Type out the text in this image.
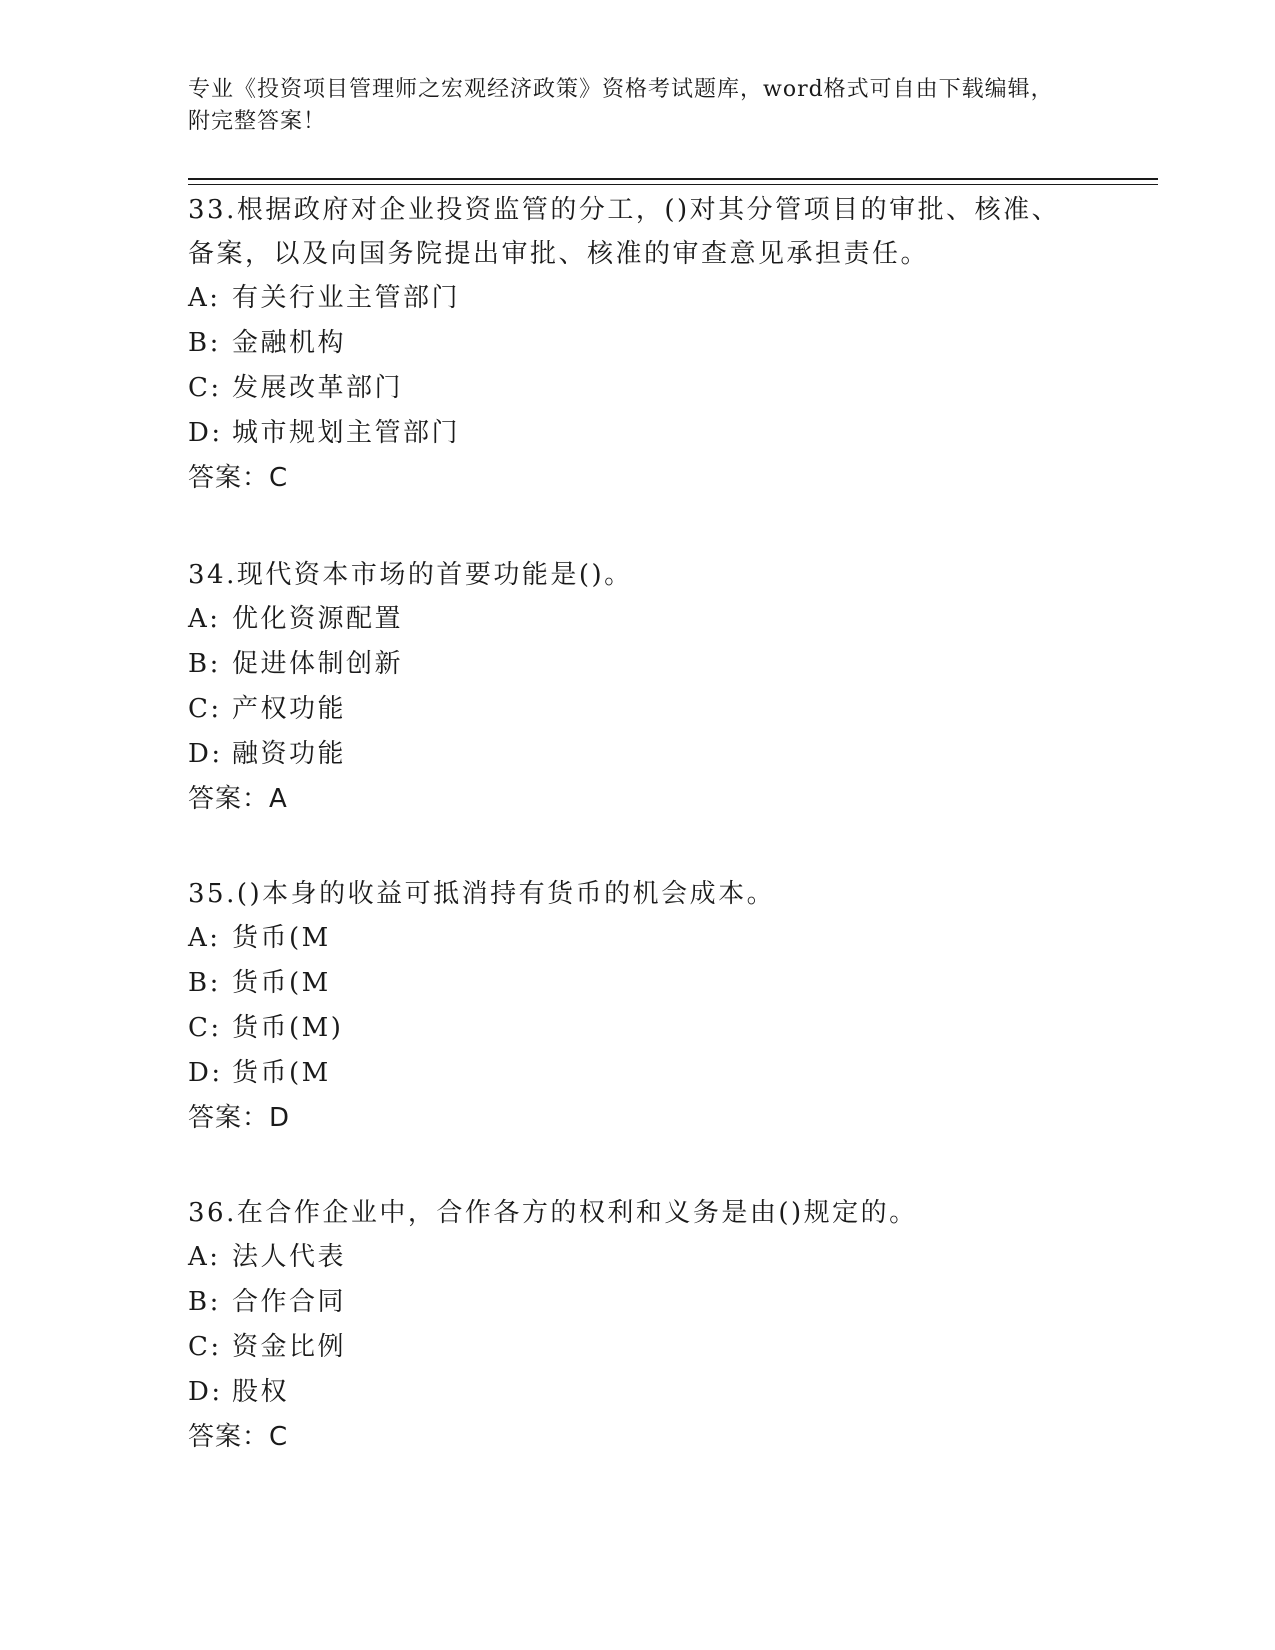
专业《投资项目管理师之宏观经济政策》资格考试题库，word格式可自由下载编辑，附完整答案！
33.根据政府对企业投资监管的分工，()对其分管项目的审批、核准、备案，以及向国务院提出审批、核准的审查意见承担责任。
A: 有关行业主管部门
B: 金融机构
C: 发展改革部门
D: 城市规划主管部门
答案：C
34.现代资本市场的首要功能是()。
A: 优化资源配置
B: 促进体制创新
C: 产权功能
D: 融资功能
答案：A
35.()本身的收益可抵消持有货币的机会成本。
A: 货币(M
B: 货币(M
C: 货币(M)
D: 货币(M
答案：D
36.在合作企业中，合作各方的权利和义务是由()规定的。
A: 法人代表
B: 合作合同
C: 资金比例
D: 股权
答案：C
